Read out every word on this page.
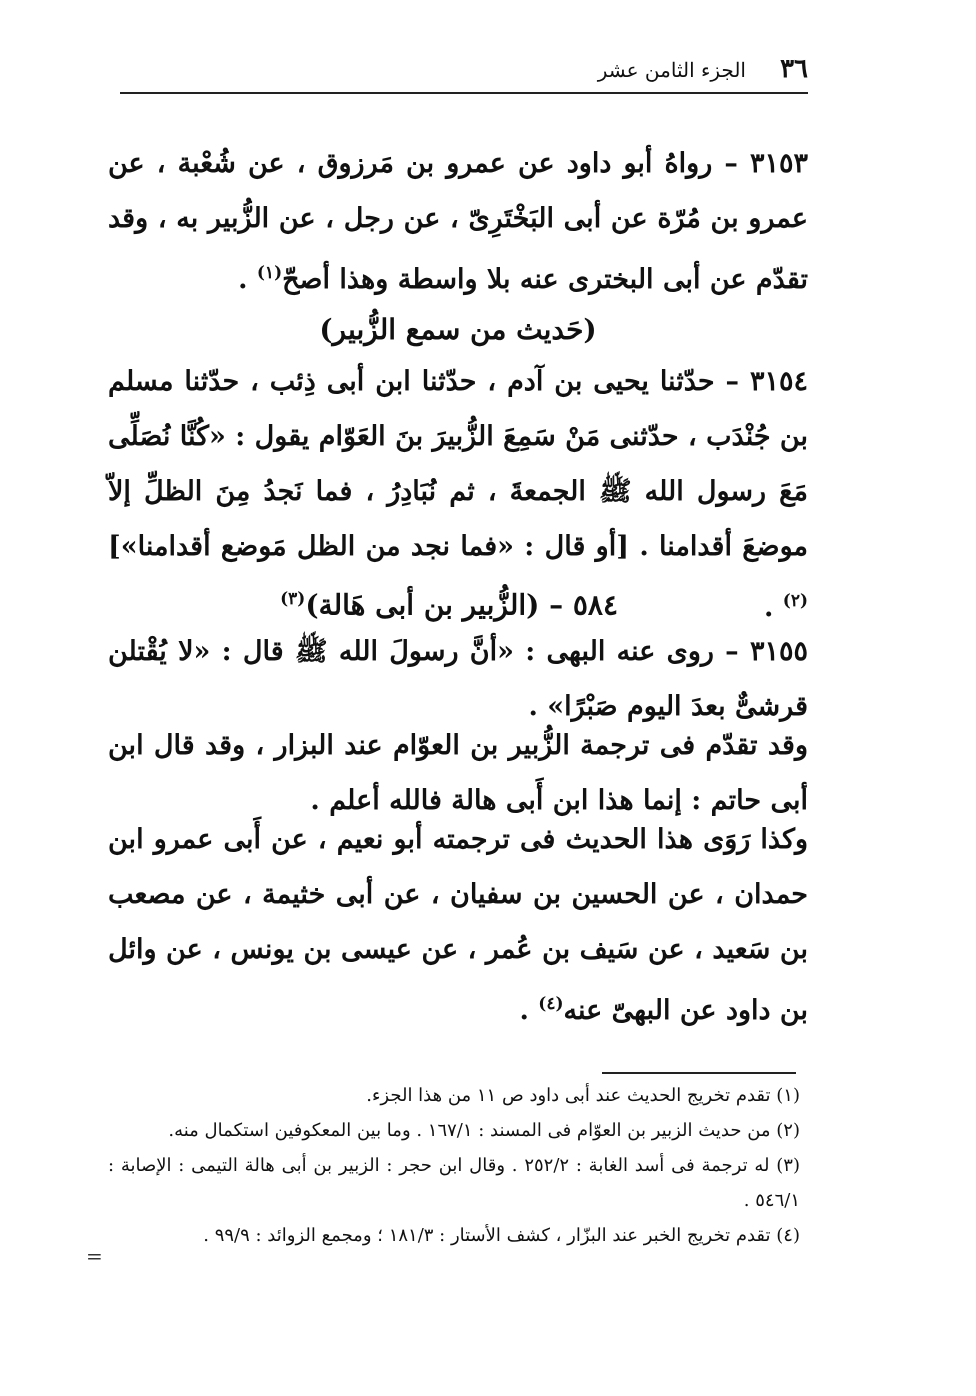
٣٦
الجزء الثامن عشر
٣١٥٣ – رواهُ أبو داود عن عمرو بن مَرزوق ، عن شُعْبة ، عن عمرو بن مُرّة عن أبى البَخْتَرِىّ ، عن رجل ، عن الزُّبير به ، وقد تقدّم عن أبى البخترى عنه بلا واسطة وهذا أصحّ$^{(١)}$ .
(حَديث من سمع الزُّبير)
٣١٥٤ – حدّثنا يحيى بن آدم ، حدّثنا ابن أبى ذِئب ، حدّثنا مسلم بن جُنْدَب ، حدّثنى مَنْ سَمِعَ الزُّبيرَ بنَ العَوّام يقول : «كُنَّا نُصَلِّى مَعَ رسول الله ﷺ الجمعةَ ، ثم نُبَادِرُ ، فما نَجدُ مِنَ الظلِّ إلاّ موضعَ أقدامنا . [أو قال : «فما نجد من الظل مَوضع أقدامنا»]$^{(٢)}$ .
٥٨٤ – (الزُّبير بن أبى هَالة)$^{(٣)}$
٣١٥٥ – روى عنه البهى : «أنَّ رسولَ الله ﷺ قال : «لا يُقْتلن قرشىٌّ بعدَ اليوم صَبْرًا» .
وقد تقدّم فى ترجمة الزُّبير بن العوّام عند البزار ، وقد قال ابن أبى حاتم : إنما هذا ابن أَبى هالة فالله أعلم .
وكذا رَوَى هذا الحديث فى ترجمته أبو نعيم ، عن أَبى عمرو ابن حمدان ، عن الحسين بن سفيان ، عن أبى خثيمة ، عن مصعب بن سَعيد ، عن سَيف بن عُمر ، عن عيسى بن يونس ، عن وائل بن داود عن البهىّ عنه$^{(٤)}$ .
(١) تقدم تخريج الحديث عند أبى داود ص ١١ من هذا الجزء.
(٢) من حديث الزبير بن العوّام فى المسند : ١٦٧/١ . وما بين المعكوفين استكمال منه.
(٣) له ترجمة فى أسد الغابة : ٢٥٢/٢ . وقال ابن حجر : الزبير بن أبى هالة التيمى : الإصابة : ٥٤٦/١ .
(٤) تقدم تخريج الخبر عند البزّار ، كشف الأستار : ١٨١/٣ ؛ ومجمع الزوائد : ٩٩/٩ .
=
